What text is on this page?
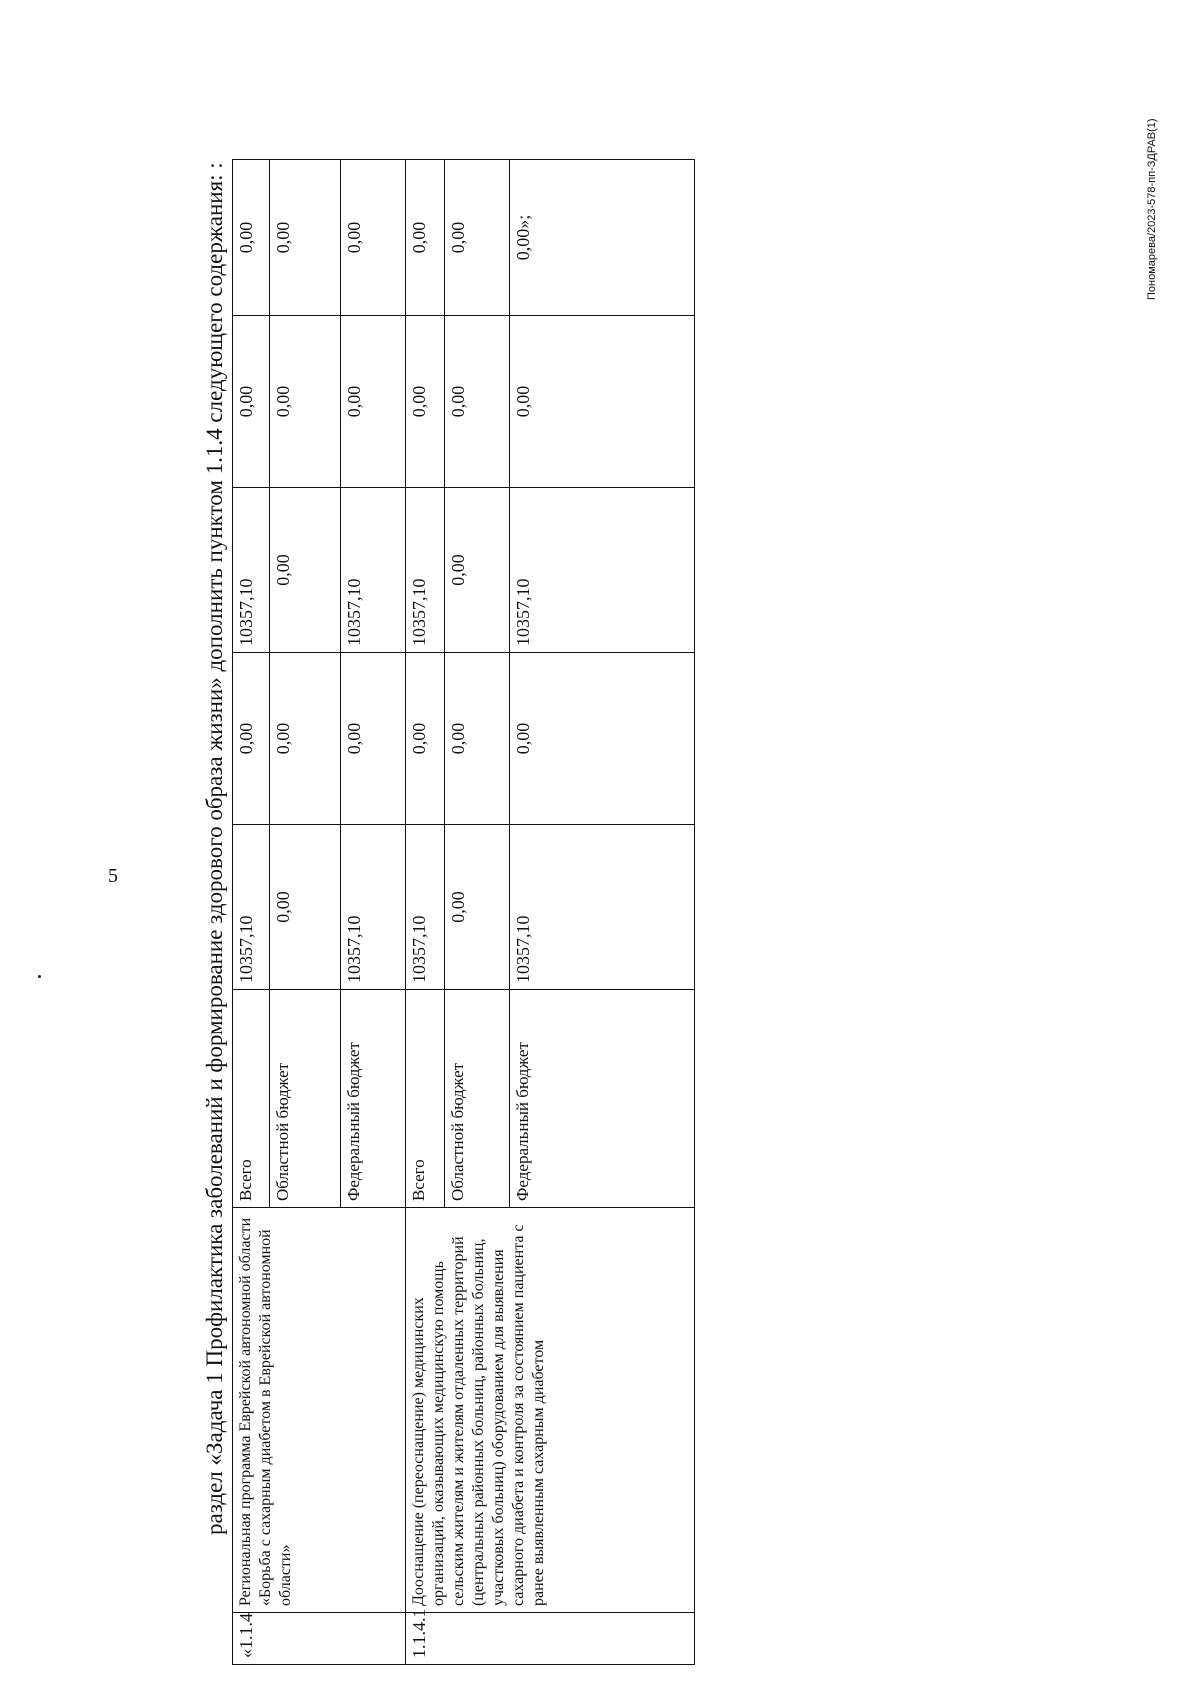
5
Пономарева/2023-578-пп-ЗДРАВ(1)

раздел «Задача 1 Профилактика заболеваний и формирование здорового образа жизни» дополнить пунктом 1.1.4 следующего содержания: :

«1.1.4	Региональная программа Еврейской автономной области «Борьба с сахарным диабетом в Еврейской автономной области»	Всего	10357,10	0,00	10357,10	0,00	0,00
		Областной бюджет	0,00	0,00	0,00	0,00	0,00
		Федеральный бюджет	10357,10	0,00	10357,10	0,00	0,00
1.1.4.1	Дооснащение (переоснащение) медицинских организаций, оказывающих медицинскую помощь сельским жителям и жителям отдаленных территорий (центральных районных больниц, районных больниц, участковых больниц) оборудованием для выявления сахарного диабета и контроля за состоянием пациента с ранее выявленным сахарным диабетом	Всего	10357,10	0,00	10357,10	0,00	0,00
		Областной бюджет	0,00	0,00	0,00	0,00	0,00
		Федеральный бюджет	10357,10	0,00	10357,10	0,00	0,00»;
